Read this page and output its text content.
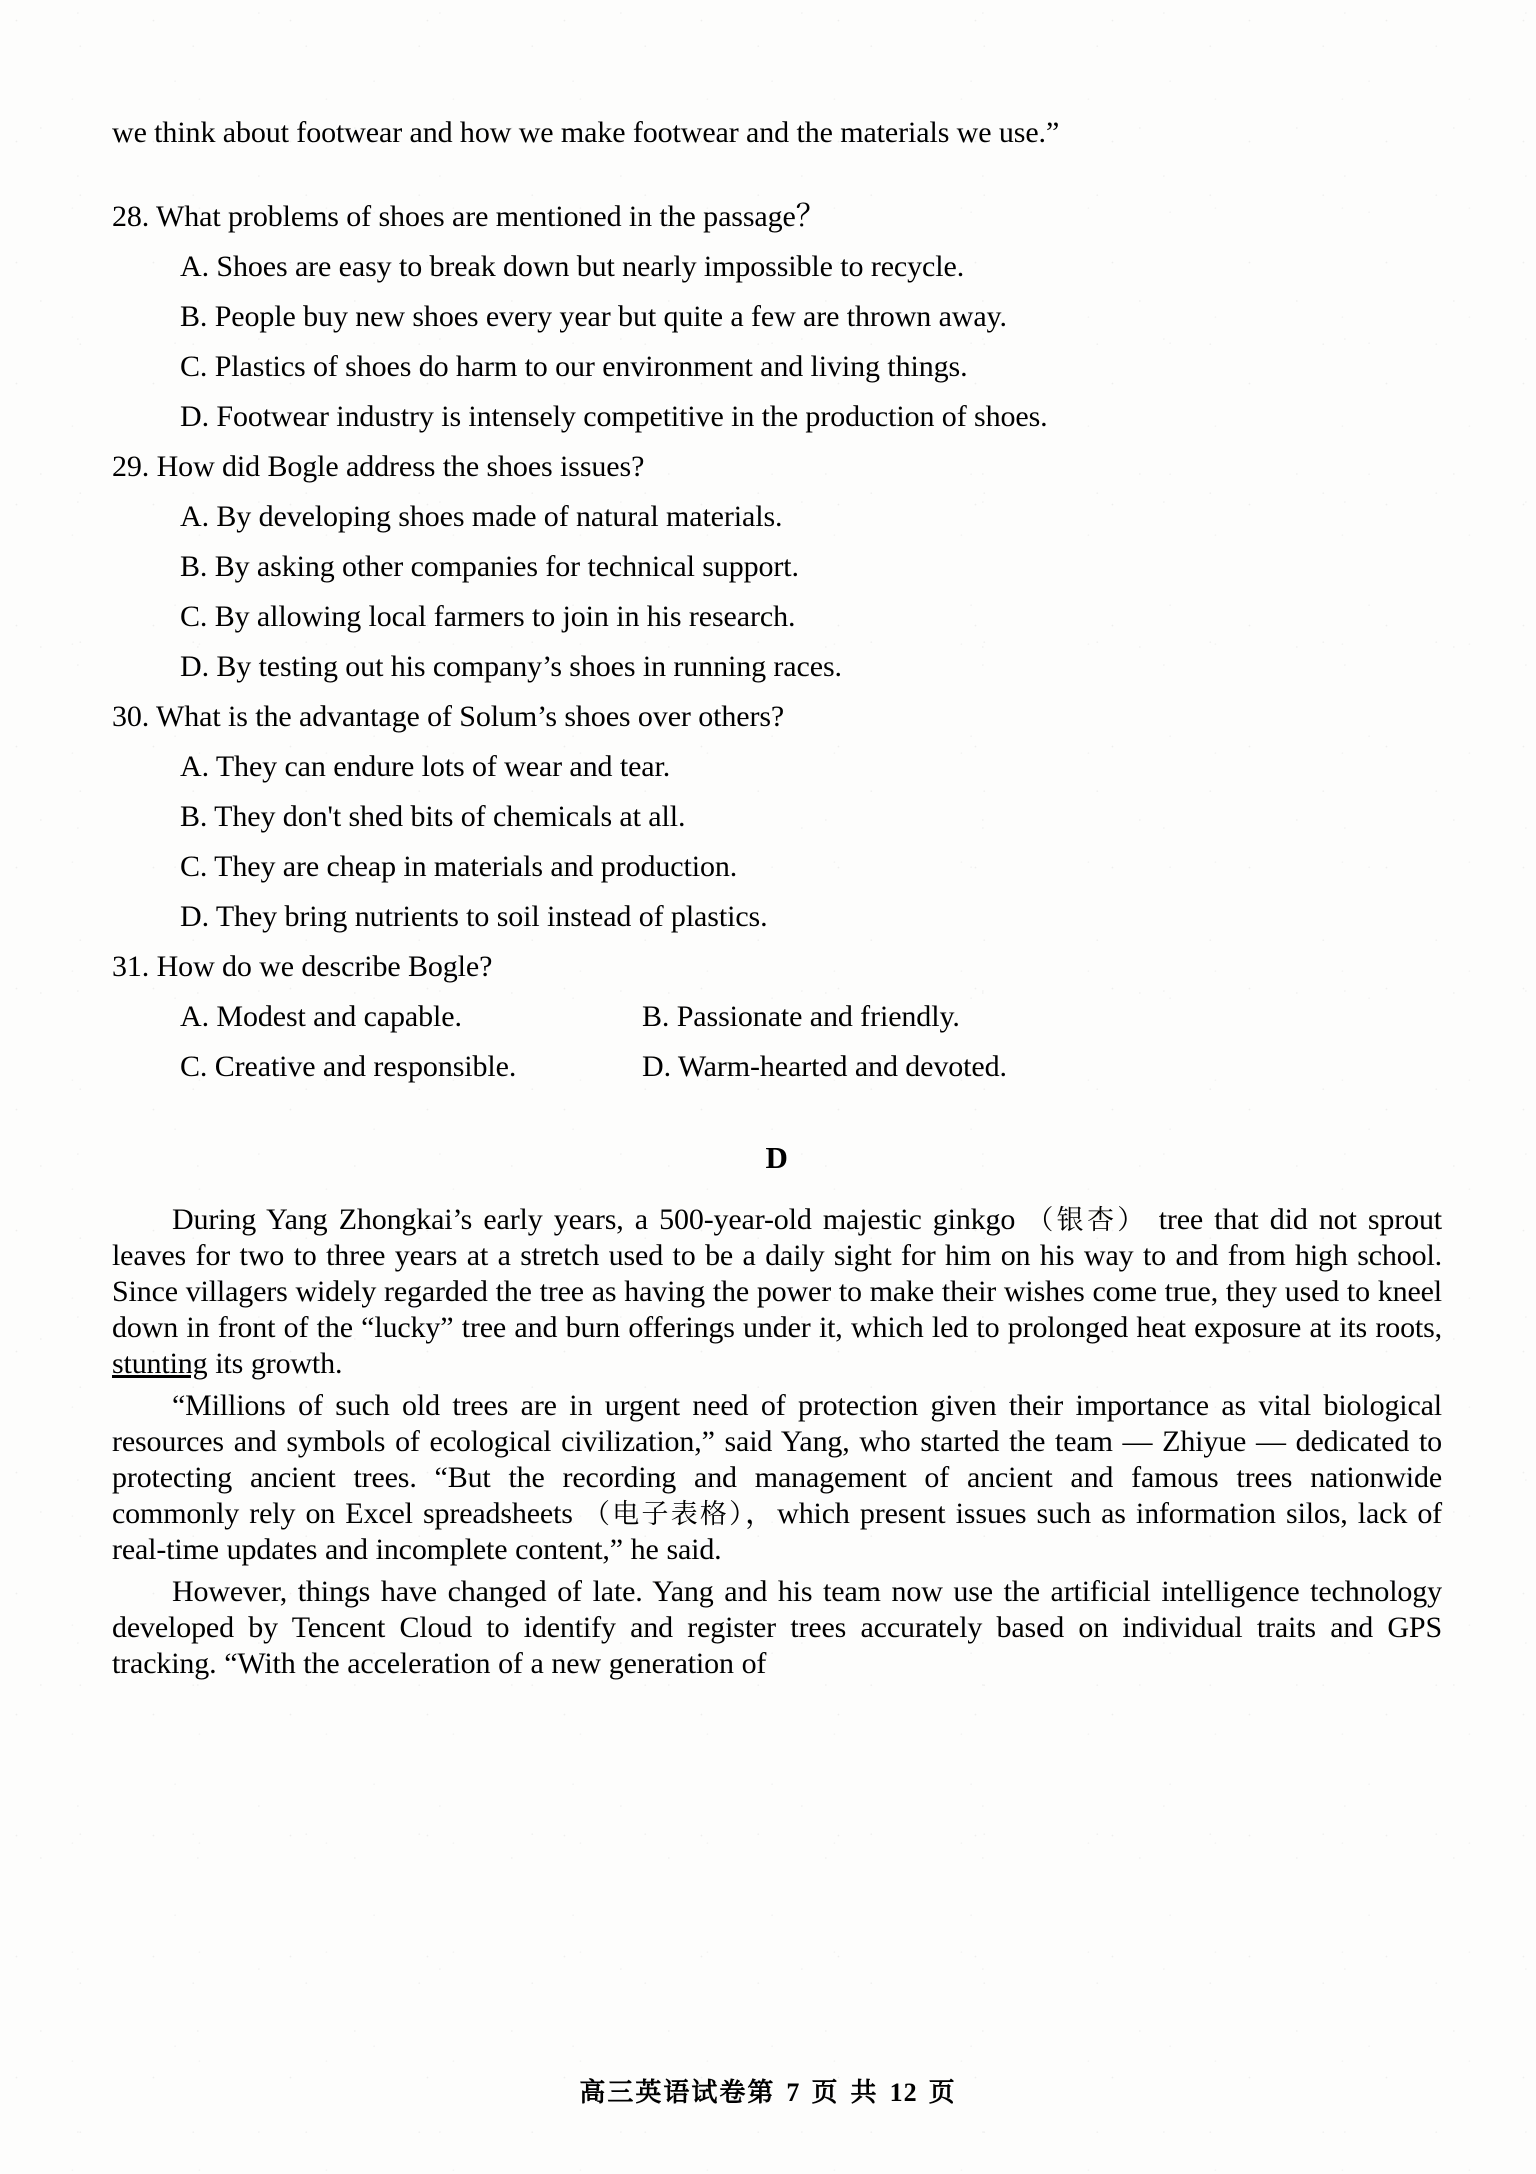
we think about footwear and how we make footwear and the materials we use.”
28. What problems of shoes are mentioned in the passage？
A. Shoes are easy to break down but nearly impossible to recycle.
B. People buy new shoes every year but quite a few are thrown away.
C. Plastics of shoes do harm to our environment and living things.
D. Footwear industry is intensely competitive in the production of shoes.
29. How did Bogle address the shoes issues?
A. By developing shoes made of natural materials.
B. By asking other companies for technical support.
C. By allowing local farmers to join in his research.
D. By testing out his company’s shoes in running races.
30. What is the advantage of Solum’s shoes over others?
A. They can endure lots of wear and tear.
B. They don't shed bits of chemicals at all.
C. They are cheap in materials and production.
D. They bring nutrients to soil instead of plastics.
31. How do we describe Bogle?
A. Modest and capable.	B. Passionate and friendly.
C. Creative and responsible.	D. Warm-hearted and devoted.
D

During Yang Zhongkai’s early years, a 500-year-old majestic ginkgo （银杏） tree that did not sprout leaves for two to three years at a stretch used to be a daily sight for him on his way to and from high school. Since villagers widely regarded the tree as having the power to make their wishes come true, they used to kneel down in front of the “lucky” tree and burn offerings under it, which led to prolonged heat exposure at its roots, stunting its growth.

“Millions of such old trees are in urgent need of protection given their importance as vital biological resources and symbols of ecological civilization,” said Yang, who started the team — Zhiyue — dedicated to protecting ancient trees. “But the recording and management of ancient and famous trees nationwide commonly rely on Excel spreadsheets （电子表格），which present issues such as information silos, lack of real-time updates and incomplete content,” he said.

However, things have changed of late. Yang and his team now use the artificial intelligence technology developed by Tencent Cloud to identify and register trees accurately based on individual traits and GPS tracking. “With the acceleration of a new generation of

高三英语试卷第 7 页 共 12 页
